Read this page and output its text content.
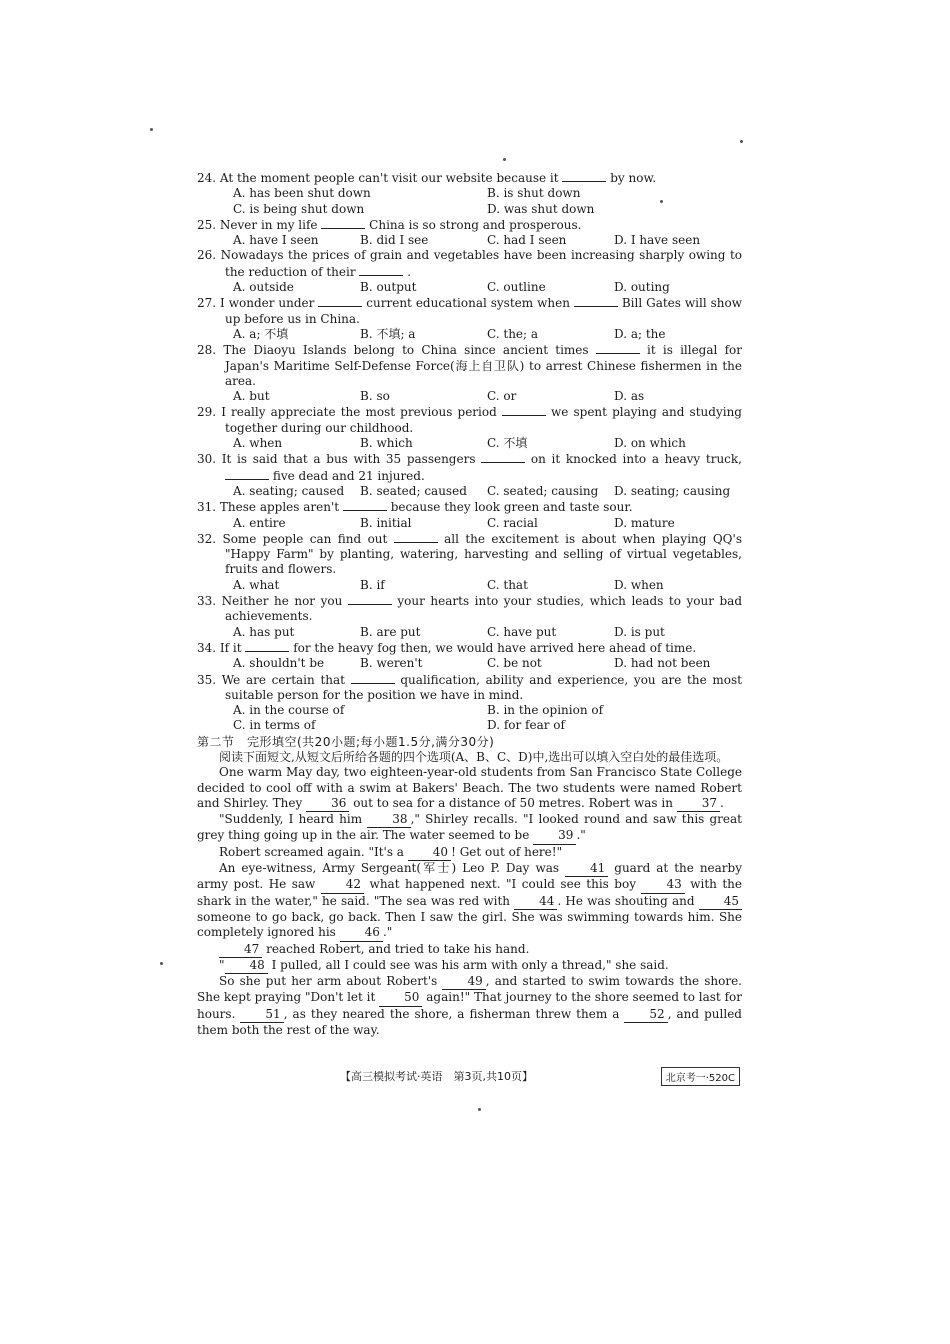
24. At the moment people can't visit our website because it	by now.
A. has been shut down	B. is shut down
C. is being shut down	D. was shut down
25. Never in my life	China is so strong and prosperous.
A. have I seen	B. did I see	C. had I seen	D. I have seen
26. Nowadays the prices of grain and vegetables have been increasing sharply owing to the reduction of their	.
A. outside	B. output	C. outline	D. outing
27. I wonder under	current educational system when	Bill Gates will show up before us in China.
A. a; 不填	B. 不填; a	C. the; a	D. a; the
28. The Diaoyu Islands belong to China since ancient times	it is illegal for Japan's Maritime Self-Defense Force(海上自卫队) to arrest Chinese fishermen in the area.
A. but	B. so	C. or	D. as
29. I really appreciate the most previous period	we spent playing and studying together during our childhood.
A. when	B. which	C. 不填	D. on which
30. It is said that a bus with 35 passengers	on it knocked into a heavy truck,  five dead and 21 injured.
A. seating; caused	B. seated; caused	C. seated; causing	D. seating; causing
31. These apples aren't	because they look green and taste sour.
A. entire	B. initial	C. racial	D. mature
32. Some people can find out	all the excitement is about when playing QQ's "Happy Farm" by planting, watering, harvesting and selling of virtual vegetables, fruits and flowers.
A. what	B. if	C. that	D. when
33. Neither he nor you	your hearts into your studies, which leads to your bad achievements.
A. has put	B. are put	C. have put	D. is put
34. If it	for the heavy fog then, we would have arrived here ahead of time.
A. shouldn't be	B. weren't	C. be not	D. had not been
35. We are certain that	qualification, ability and experience, you are the most suitable person for the position we have in mind.
A. in the course of	B. in the opinion of
C. in terms of	D. for fear of
第二节　完形填空(共20小题;每小题1.5分,满分30分)
阅读下面短文,从短文后所给各题的四个选项(A、B、C、D)中,选出可以填入空白处的最佳选项。

One warm May day, two eighteen-year-old students from San Francisco State College decided to cool off with a swim at Bakers' Beach. The two students were named Robert and Shirley. They 36 out to sea for a distance of 50 metres. Robert was in 37 .

"Suddenly, I heard him 38 ," Shirley recalls. "I looked round and saw this great grey thing going up in the air. The water seemed to be 39 ."

Robert screamed again. "It's a 40 ! Get out of here!"

An eye-witness, Army Sergeant(军士) Leo P. Day was 41 guard at the nearby army post. He saw 42 what happened next. "I could see this boy 43 with the shark in the water," he said. "The sea was red with 44 . He was shouting and 45 someone to go back, go back. Then I saw the girl. She was swimming towards him. She completely ignored his 46 ."

47 reached Robert, and tried to take his hand.

" 48 I pulled, all I could see was his arm with only a thread," she said.

So she put her arm about Robert's 49 , and started to swim towards the shore. She kept praying "Don't let it 50 again!" That journey to the shore seemed to last for hours. 51 , as they neared the shore, a fisherman threw them a 52 , and pulled them both the rest of the way.

【高三模拟考试·英语　第3页,共10页】	北京考一·520C
